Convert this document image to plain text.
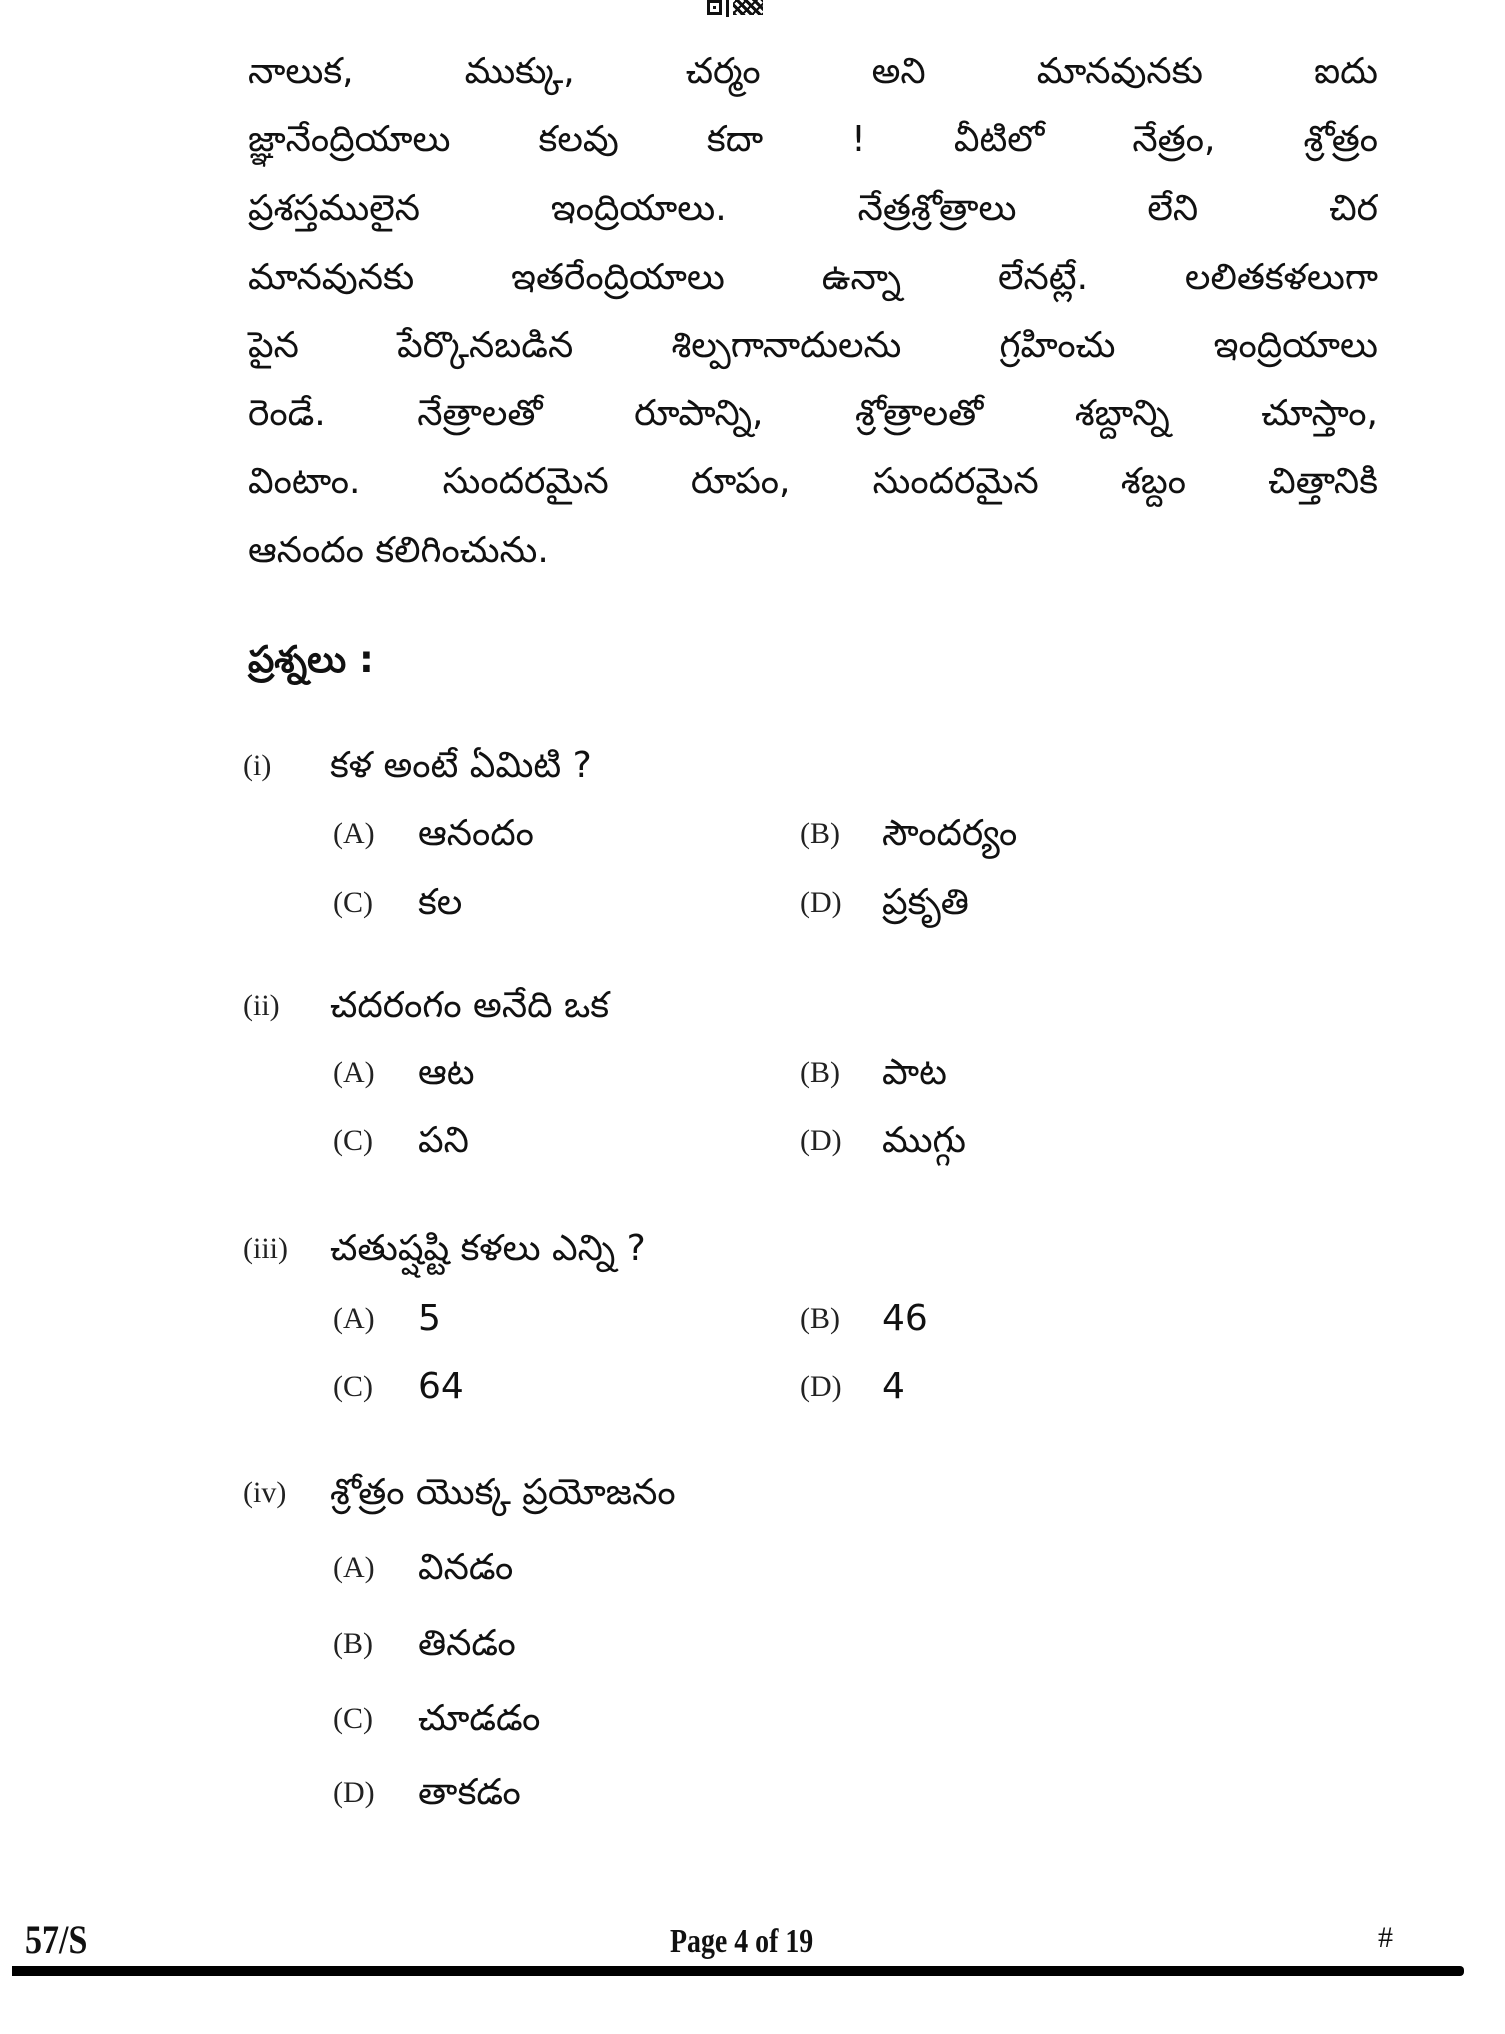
నాలుక, ముక్కు, చర్మం అని మానవునకు ఐదు
జ్ఞానేంద్రియాలు కలవు కదా ! వీటిలో నేత్రం, శ్రోత్రం
ప్రశస్తములైన ఇంద్రియాలు. నేత్రశ్రోత్రాలు లేని చిర
మానవునకు ఇతరేంద్రియాలు ఉన్నా లేనట్లే. లలితకళలుగా
పైన పేర్కొనబడిన శిల్పగానాదులను గ్రహించు ఇంద్రియాలు
రెండే. నేత్రాలతో రూపాన్ని, శ్రోత్రాలతో శబ్దాన్ని చూస్తాం,
వింటాం. సుందరమైన రూపం, సుందరమైన శబ్దం చిత్తానికి
ఆనందం కలిగించును.
ప్రశ్నలు :
(i) కళ అంటే ఏమిటి ?
(A) ఆనందం	(B) సౌందర్యం
(C) కల	(D) ప్రకృతి
(ii) చదరంగం అనేది ఒక
(A) ఆట	(B) పాట
(C) పని	(D) ముగ్గు
(iii) చతుష్షష్టి కళలు ఎన్ని ?
(A) 5	(B) 46
(C) 64	(D) 4
(iv) శ్రోత్రం యొక్క ప్రయోజనం
(A) వినడం
(B) తినడం
(C) చూడడం
(D) తాకడం
57/S	Page 4 of 19	#
